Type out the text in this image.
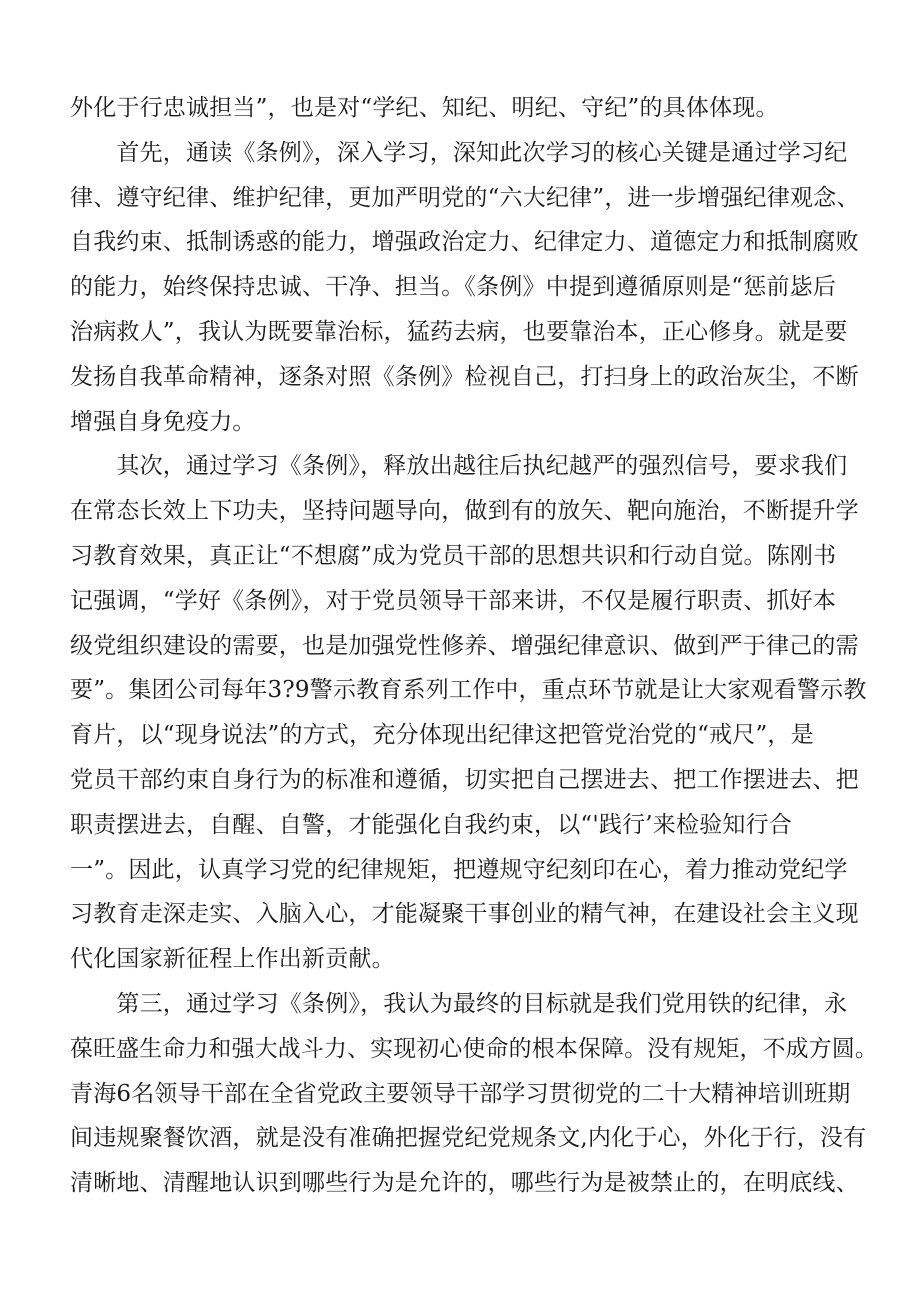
外化于行忠诚担当”，也是对“学纪、知纪、明纪、守纪”的具体体现。
　　首先，通读《条例》，深入学习，深知此次学习的核心关键是通过学习纪
律、遵守纪律、维护纪律，更加严明党的“六大纪律”，进一步增强纪律观念、
自我约束、抵制诱惑的能力，增强政治定力、纪律定力、道德定力和抵制腐败
的能力，始终保持忠诚、干净、担当。《条例》中提到遵循原则是“惩前毖后
治病救人”，我认为既要靠治标，猛药去病，也要靠治本，正心修身。就是要
发扬自我革命精神，逐条对照《条例》检视自己，打扫身上的政治灰尘，不断
增强自身免疫力。
　　其次，通过学习《条例》，释放出越往后执纪越严的强烈信号，要求我们
在常态长效上下功夫，坚持问题导向，做到有的放矢、靶向施治，不断提升学
习教育效果，真正让“不想腐”成为党员干部的思想共识和行动自觉。陈刚书
记强调，“学好《条例》，对于党员领导干部来讲，不仅是履行职责、抓好本
级党组织建设的需要，也是加强党性修养、增强纪律意识、做到严于律己的需
要”。集团公司每年3?9警示教育系列工作中，重点环节就是让大家观看警示教
育片，以“现身说法”的方式，充分体现出纪律这把管党治党的“戒尺”，是
党员干部约束自身行为的标准和遵循，切实把自己摆进去、把工作摆进去、把
职责摆进去，自醒、自警，才能强化自我约束，以“'践行’来检验知行合
一”。因此，认真学习党的纪律规矩，把遵规守纪刻印在心，着力推动党纪学
习教育走深走实、入脑入心，才能凝聚干事创业的精气神，在建设社会主义现
代化国家新征程上作出新贡献。
　　第三，通过学习《条例》，我认为最终的目标就是我们党用铁的纪律，永
葆旺盛生命力和强大战斗力、实现初心使命的根本保障。没有规矩，不成方圆。
青海6名领导干部在全省党政主要领导干部学习贯彻党的二十大精神培训班期
间违规聚餐饮酒，就是没有准确把握党纪党规条文,内化于心，外化于行，没有
清晰地、清醒地认识到哪些行为是允许的，哪些行为是被禁止的，在明底线、
